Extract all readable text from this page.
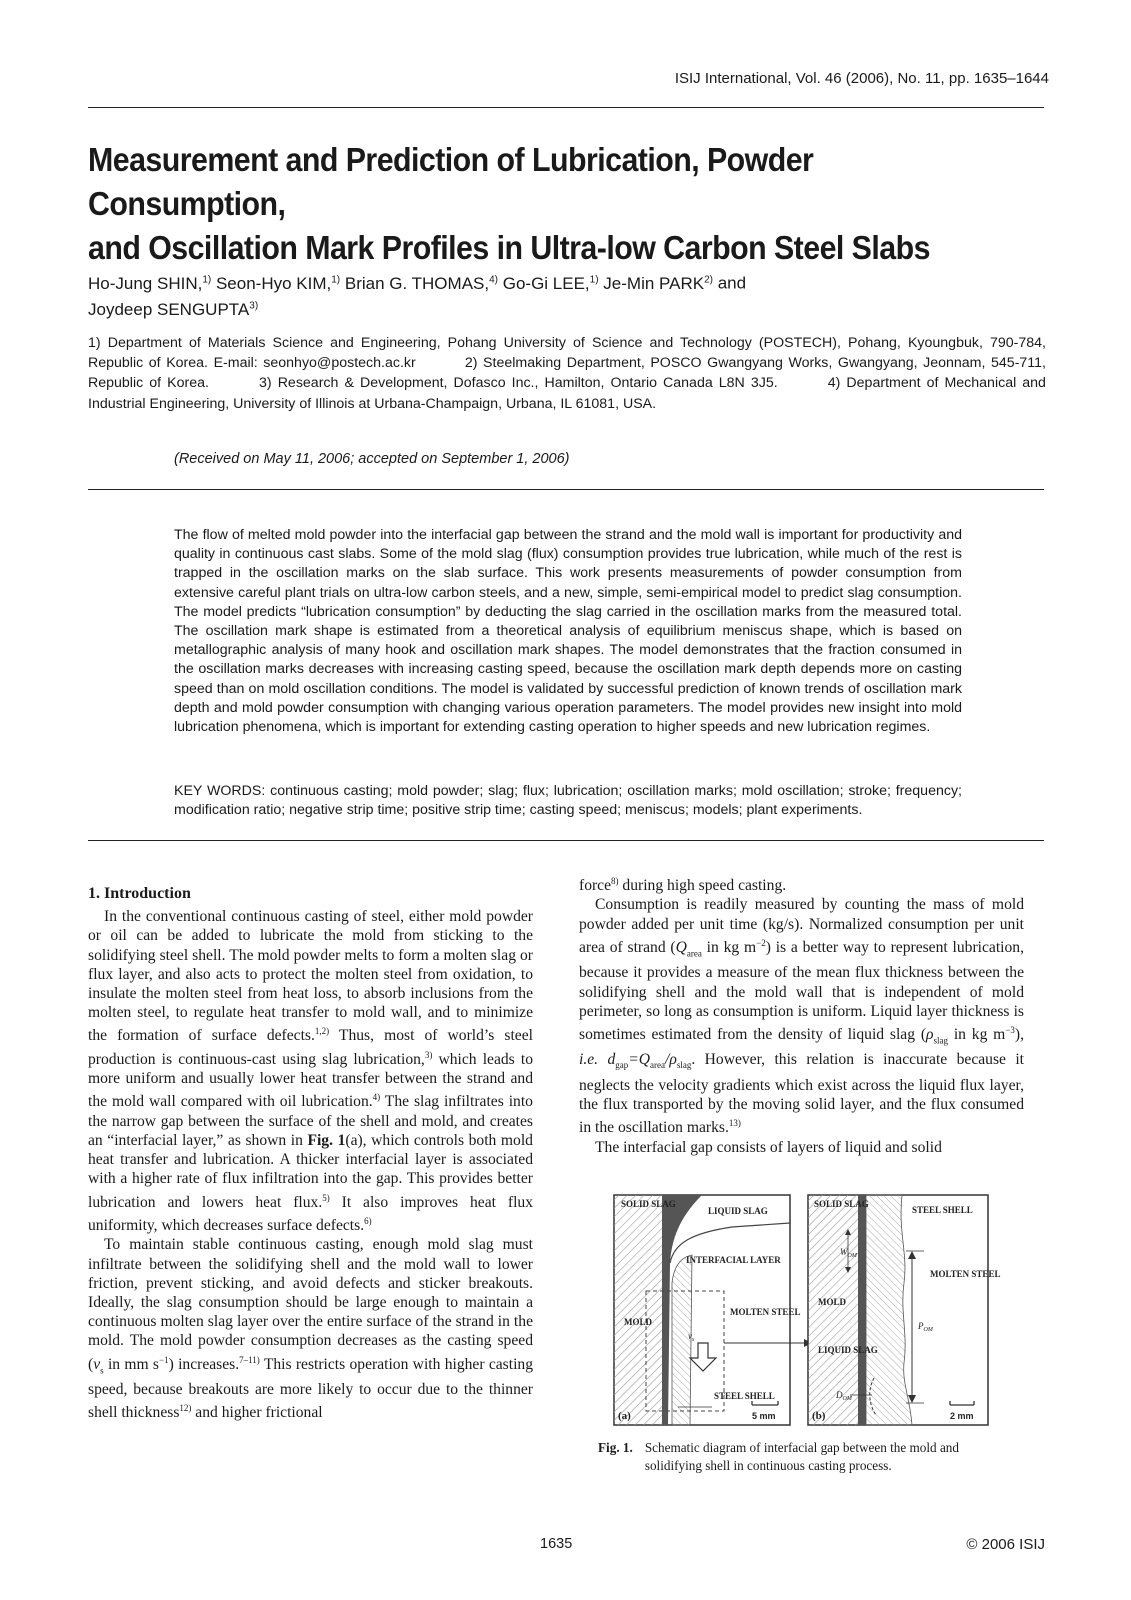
ISIJ International, Vol. 46 (2006), No. 11, pp. 1635–1644
Measurement and Prediction of Lubrication, Powder Consumption,
and Oscillation Mark Profiles in Ultra-low Carbon Steel Slabs
Ho-Jung SHIN,$^{1)}$ Seon-Hyo KIM,$^{1)}$ Brian G. THOMAS,$^{4)}$ Go-Gi LEE,$^{1)}$ Je-Min PARK$^{2)}$ and
Joydeep SENGUPTA$^{3)}$
1) Department of Materials Science and Engineering, Pohang University of Science and Technology (POSTECH), Pohang, Kyoungbuk, 790-784, Republic of Korea. E-mail: seonhyo@postech.ac.kr	2) Steelmaking Department, POSCO Gwangyang Works, Gwangyang, Jeonnam, 545-711, Republic of Korea.	3) Research & Development, Dofasco Inc., Hamilton, Ontario Canada L8N 3J5.	4) Department of Mechanical and Industrial Engineering, University of Illinois at Urbana-Champaign, Urbana, IL 61081, USA.
(Received on May 11, 2006; accepted on September 1, 2006)

The flow of melted mold powder into the interfacial gap between the strand and the mold wall is important for productivity and quality in continuous cast slabs. Some of the mold slag (flux) consumption provides true lubrication, while much of the rest is trapped in the oscillation marks on the slab surface. This work presents measurements of powder consumption from extensive careful plant trials on ultra-low carbon steels, and a new, simple, semi-empirical model to predict slag consumption. The model predicts “lubrication consumption” by deducting the slag carried in the oscillation marks from the measured total. The oscillation mark shape is estimated from a theoretical analysis of equilibrium meniscus shape, which is based on metallographic analysis of many hook and oscillation mark shapes. The model demonstrates that the fraction consumed in the oscillation marks decreases with increasing casting speed, because the oscillation mark depth depends more on casting speed than on mold oscillation conditions. The model is validated by successful prediction of known trends of oscillation mark depth and mold powder consumption with changing various operation parameters. The model provides new insight into mold lubrication phenomena, which is important for extending casting operation to higher speeds and new lubrication regimes.

KEY WORDS: continuous casting; mold powder; slag; flux; lubrication; oscillation marks; mold oscillation; stroke; frequency; modification ratio; negative strip time; positive strip time; casting speed; meniscus; models; plant experiments.
1. Introduction

In the conventional continuous casting of steel, either mold powder or oil can be added to lubricate the mold from sticking to the solidifying steel shell. The mold powder melts to form a molten slag or flux layer, and also acts to protect the molten steel from oxidation, to insulate the molten steel from heat loss, to absorb inclusions from the molten steel, to regulate heat transfer to mold wall, and to minimize the formation of surface defects.$^{1,2)}$ Thus, most of world’s steel production is continuous-cast using slag lubrication,$^{3)}$ which leads to more uniform and usually lower heat transfer between the strand and the mold wall compared with oil lubrication.$^{4)}$ The slag infiltrates into the narrow gap between the surface of the shell and mold, and creates an “interfacial layer,” as shown in Fig. 1(a), which controls both mold heat transfer and lubrication. A thicker interfacial layer is associated with a higher rate of flux infiltration into the gap. This provides better lubrication and lowers heat flux.$^{5)}$ It also improves heat flux uniformity, which decreases surface defects.$^{6)}$

To maintain stable continuous casting, enough mold slag must infiltrate between the solidifying shell and the mold wall to lower friction, prevent sticking, and avoid defects and sticker breakouts. Ideally, the slag consumption should be large enough to maintain a continuous molten slag layer over the entire surface of the strand in the mold. The mold powder consumption decreases as the casting speed ($v_s$ in mm $s^{-1}$) increases.$^{7-11)}$ This restricts operation with higher casting speed, because breakouts are more likely to occur due to the thinner shell thickness$^{12)}$ and higher frictional

force$^{8)}$ during high speed casting.

Consumption is readily measured by counting the mass of mold powder added per unit time (kg/s). Normalized consumption per unit area of strand ($Q_{area}$ in kg $m^{-2}$) is a better way to represent lubrication, because it provides a measure of the mean flux thickness between the solidifying shell and the mold wall that is independent of mold perimeter, so long as consumption is uniform. Liquid layer thickness is sometimes estimated from the density of liquid slag ($\rho_{slag}$ in kg $m^{-3}$), i.e. $d_{gap}=Q_{area}/\rho_{slag}$. However, this relation is inaccurate because it neglects the velocity gradients which exist across the liquid flux layer, the flux transported by the moving solid layer, and the flux consumed in the oscillation marks.$^{13)}$

The interfacial gap consists of layers of liquid and solid

SOLID SLAG
LIQUID SLAG
INTERFACIAL LAYER
MOLD
MOLTEN STEEL
STEEL SHELL
(a)	5 mm
$v_s$
SOLID SLAG
STEEL SHELL
MOLTEN STEEL
MOLD
LIQUID SLAG
(b)	2 mm
$W_{OM}$
$P_{OM}$
$D_{OM}$
Fig. 1.	Schematic diagram of interfacial gap between the mold and solidifying shell in continuous casting process.
1635	© 2006 ISIJ
